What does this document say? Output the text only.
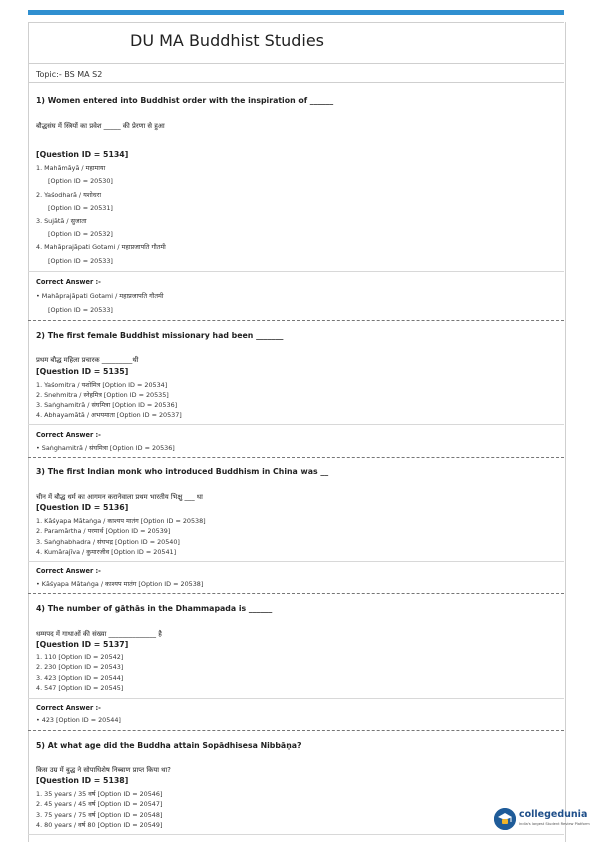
DU MA Buddhist Studies
Topic:- BS MA S2
1) Women entered into Buddhist order with the inspiration of ______
बौद्धसंघ में स्त्रियों का प्रवेश _____ की प्रेरणा से हुआ
[Question ID = 5134]
1. Mahāmāyā / महामाया
[Option ID = 20530]
2. Yaśodharā / यशोधरा
[Option ID = 20531]
3. Sujātā / सुजाता
[Option ID = 20532]
4. Mahāprajāpati Gotami / महाप्रजापति गौतमी
[Option ID = 20533]
Correct Answer :-
• Mahāprajāpati Gotami / महाप्रजापति गौतमी
[Option ID = 20533]
2) The first female Buddhist missionary had been _______
प्रथम बौद्ध महिला प्रचारक _________थी
[Question ID = 5135]
1. Yaśomitra / यशोमित्र [Option ID = 20534]
2. Snehmitra / स्नेहमित्र [Option ID = 20535]
3. Saṅghamitrā / संघमित्रा [Option ID = 20536]
4. Abhayamātā / अभयमाता [Option ID = 20537]
Correct Answer :-
• Saṅghamitrā / संघमित्रा [Option ID = 20536]
3) The first Indian monk who introduced Buddhism in China was __
चीन में बौद्ध धर्म का आगमन करानेवाला प्रथम भारतीय भिक्षु ___ था
[Question ID = 5136]
1. Kāśyapa Mātaṅga / काश्यप मातंग [Option ID = 20538]
2. Paramārtha / परमार्थ [Option ID = 20539]
3. Saṅghabhadra / संघभद्र [Option ID = 20540]
4. Kumārajīva / कुमारजीव [Option ID = 20541]
Correct Answer :-
• Kāśyapa Mātaṅga / काश्यप मातंग [Option ID = 20538]
4) The number of gāthās in the Dhammapada is ______
धम्मपद में गाथाओं की संख्या ______________ है
[Question ID = 5137]
1. 110 [Option ID = 20542]
2. 230 [Option ID = 20543]
3. 423 [Option ID = 20544]
4. 547 [Option ID = 20545]
Correct Answer :-
• 423 [Option ID = 20544]
5) At what age did the Buddha attain Sopādhisesa Nibbāṇa?
किस उम्र में बुद्ध ने सोपाधिशेष निब्बाण प्राप्त किया था?
[Question ID = 5138]
1. 35 years / 35 वर्ष [Option ID = 20546]
2. 45 years / 45 वर्ष [Option ID = 20547]
3. 75 years / 75 वर्ष [Option ID = 20548]
4. 80 years / वर्ष 80 [Option ID = 20549]
collegedunia
India's largest Student Review Platform
